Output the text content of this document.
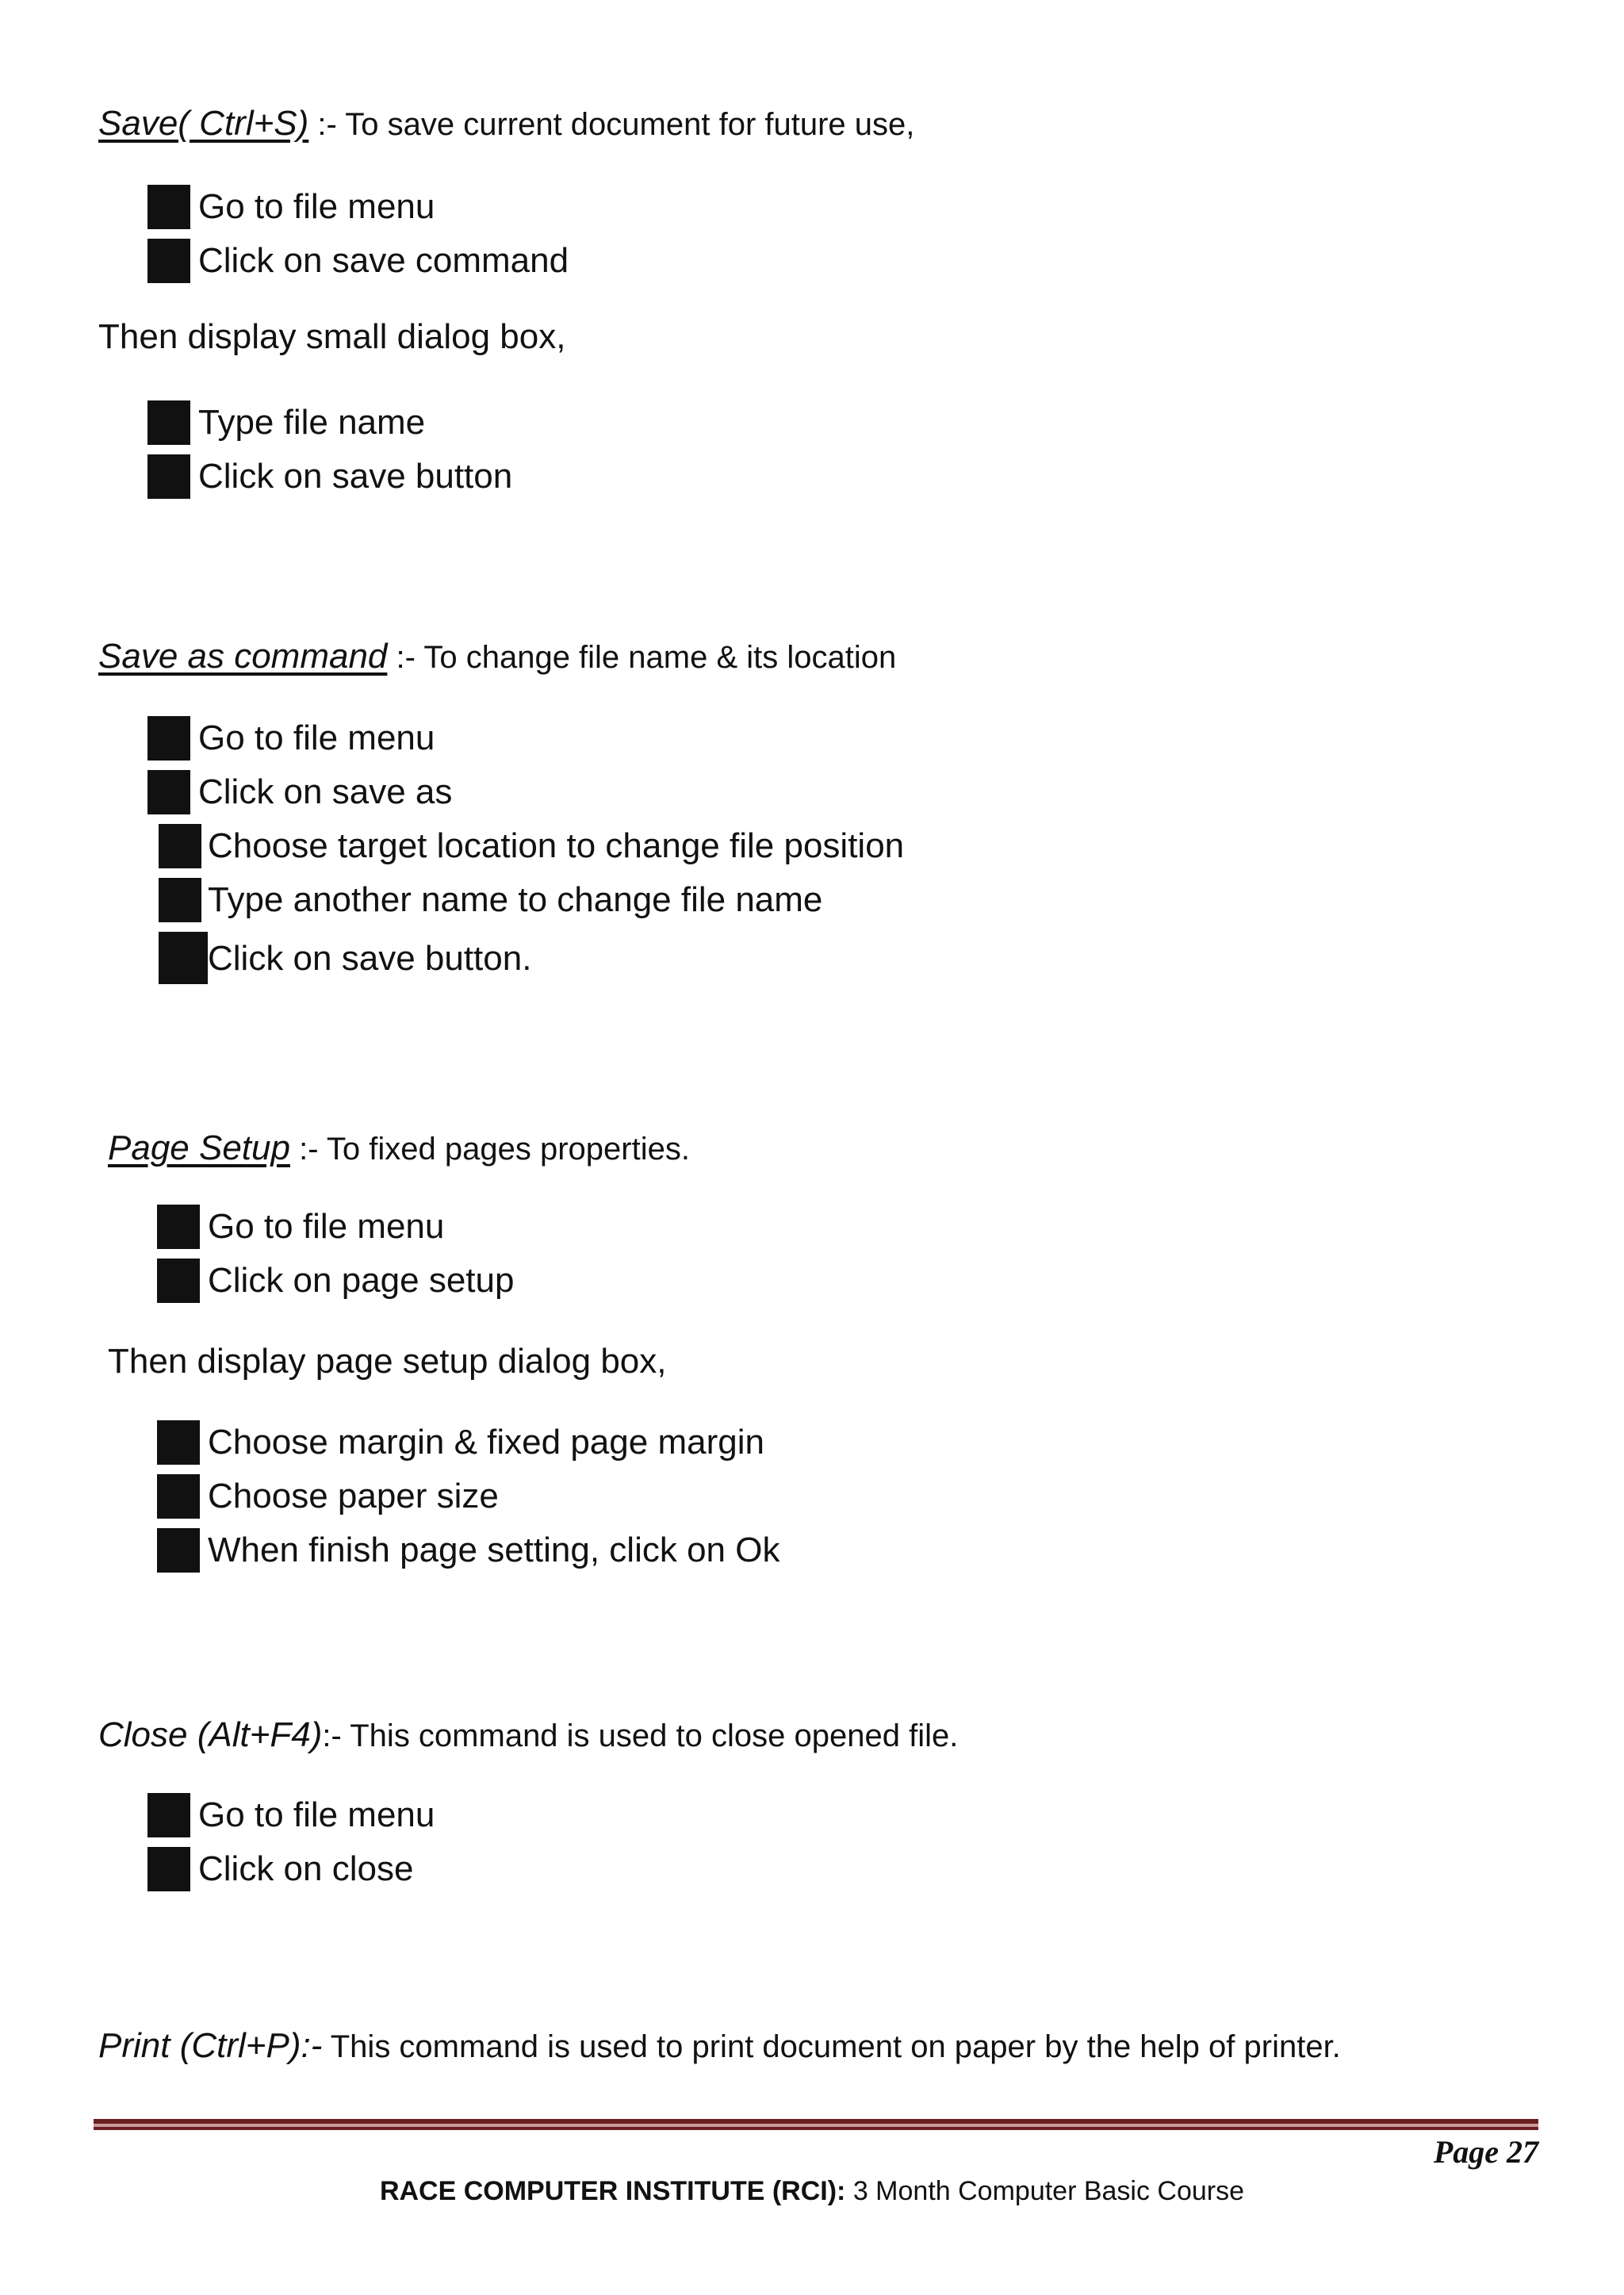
Save( Ctrl+S) :- To save current document for future use,
Go to file menu
Click on save command
Then display small dialog box,
Type file name
Click on save button
Save as command :- To change file name & its location
Go to file menu
Click on save as
Choose target location to change file position
Type another name to change file name
Click on save button.
Page Setup :- To fixed pages properties.
Go to file menu
Click on page setup
Then display page setup dialog box,
Choose margin & fixed page margin
Choose paper size
When finish page setting, click on Ok
Close (Alt+F4):- This command is used to close opened file.
Go to file menu
Click on close
Print (Ctrl+P):- This command is used to print document on paper by the help of printer.
Page 27
RACE COMPUTER INSTITUTE (RCI): 3 Month Computer Basic Course
